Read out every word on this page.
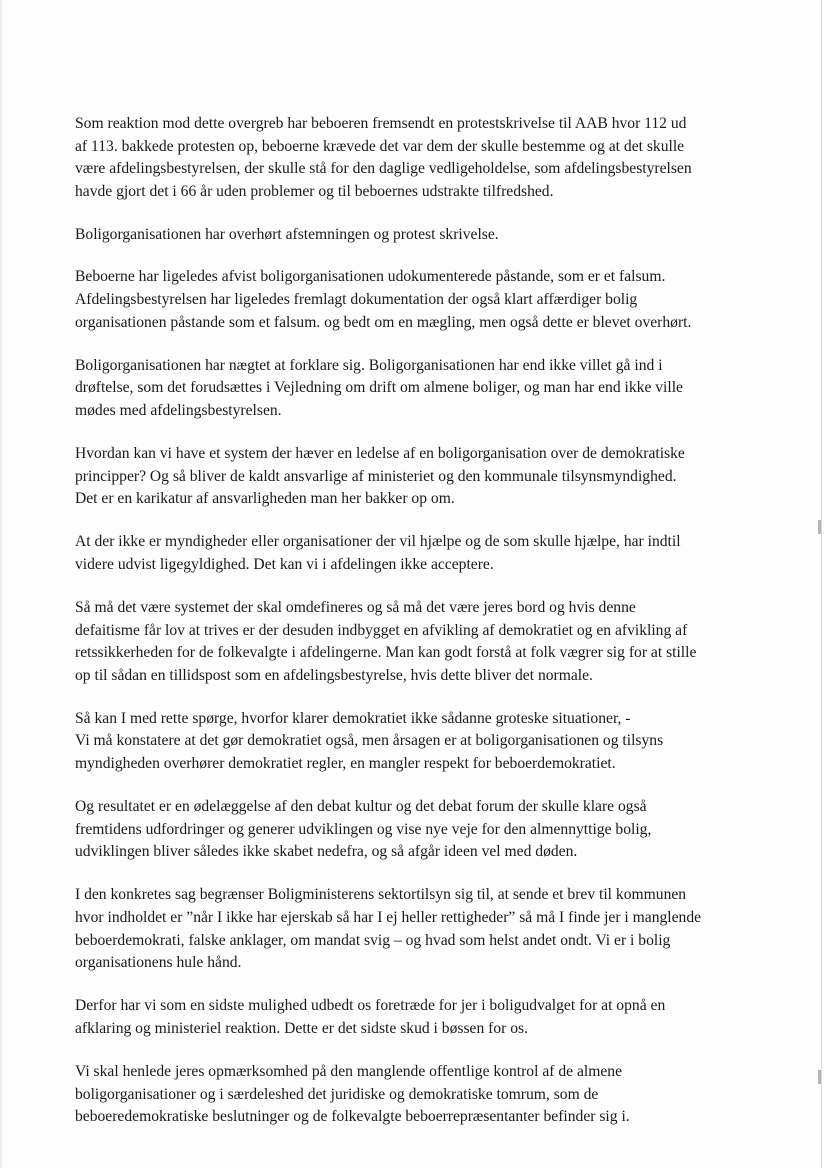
Som reaktion mod dette overgreb har beboeren fremsendt en protestskrivelse til AAB hvor 112 ud
af 113. bakkede protesten op, beboerne krævede det var dem der skulle bestemme og at det skulle
være afdelingsbestyrelsen, der skulle stå for den daglige vedligeholdelse, som afdelingsbestyrelsen
havde gjort det i 66 år uden problemer og til beboernes udstrakte tilfredshed.

Boligorganisationen har overhørt afstemningen og protest skrivelse.

Beboerne har ligeledes afvist boligorganisationen udokumenterede påstande, som er et falsum.
Afdelingsbestyrelsen har ligeledes fremlagt dokumentation der også klart affærdiger bolig
organisationen påstande som et falsum. og bedt om en mægling, men også dette er blevet overhørt.

Boligorganisationen har nægtet at forklare sig. Boligorganisationen har end ikke villet gå ind i
drøftelse, som det forudsættes i Vejledning om drift om almene boliger, og man har end ikke ville
mødes med afdelingsbestyrelsen.

Hvordan kan vi have et system der hæver en ledelse af en boligorganisation over de demokratiske
principper? Og så bliver de kaldt ansvarlige af ministeriet og den kommunale tilsynsmyndighed.
Det er en karikatur af ansvarligheden man her bakker op om.

At der ikke er myndigheder eller organisationer der vil hjælpe og de som skulle hjælpe, har indtil
videre udvist ligegyldighed. Det kan vi i afdelingen ikke acceptere.

Så må det være systemet der skal omdefineres og så må det være jeres bord og hvis denne
defaitisme får lov at trives er der desuden indbygget en afvikling af demokratiet og en afvikling af
retssikkerheden for de folkevalgte i afdelingerne. Man kan godt forstå at folk vægrer sig for at stille
op til sådan en tillidspost som en afdelingsbestyrelse, hvis dette bliver det normale.

Så kan I med rette spørge, hvorfor klarer demokratiet ikke sådanne groteske situationer, -
Vi må konstatere at det gør demokratiet også, men årsagen er at boligorganisationen og tilsyns
myndigheden overhører demokratiet regler, en mangler respekt for beboerdemokratiet.

Og resultatet er en ødelæggelse af den debat kultur og det debat forum der skulle klare også
fremtidens udfordringer og generer udviklingen og vise nye veje for den almennyttige bolig,
udviklingen bliver således ikke skabet nedefra, og så afgår ideen vel med døden.

I den konkretes sag begrænser Boligministerens sektortilsyn sig til, at sende et brev til kommunen
hvor indholdet er ”når I ikke har ejerskab så har I ej heller rettigheder” så må I finde jer i manglende
beboerdemokrati, falske anklager, om mandat svig – og hvad som helst andet ondt. Vi er i bolig
organisationens hule hånd.

Derfor har vi som en sidste mulighed udbedt os foretræde for jer i boligudvalget for at opnå en
afklaring og ministeriel reaktion. Dette er det sidste skud i bøssen for os.

Vi skal henlede jeres opmærksomhed på den manglende offentlige kontrol af de almene
boligorganisationer og i særdeleshed det juridiske og demokratiske tomrum, som de
beboeredemokratiske beslutninger og de folkevalgte beboerrepræsentanter befinder sig i.
